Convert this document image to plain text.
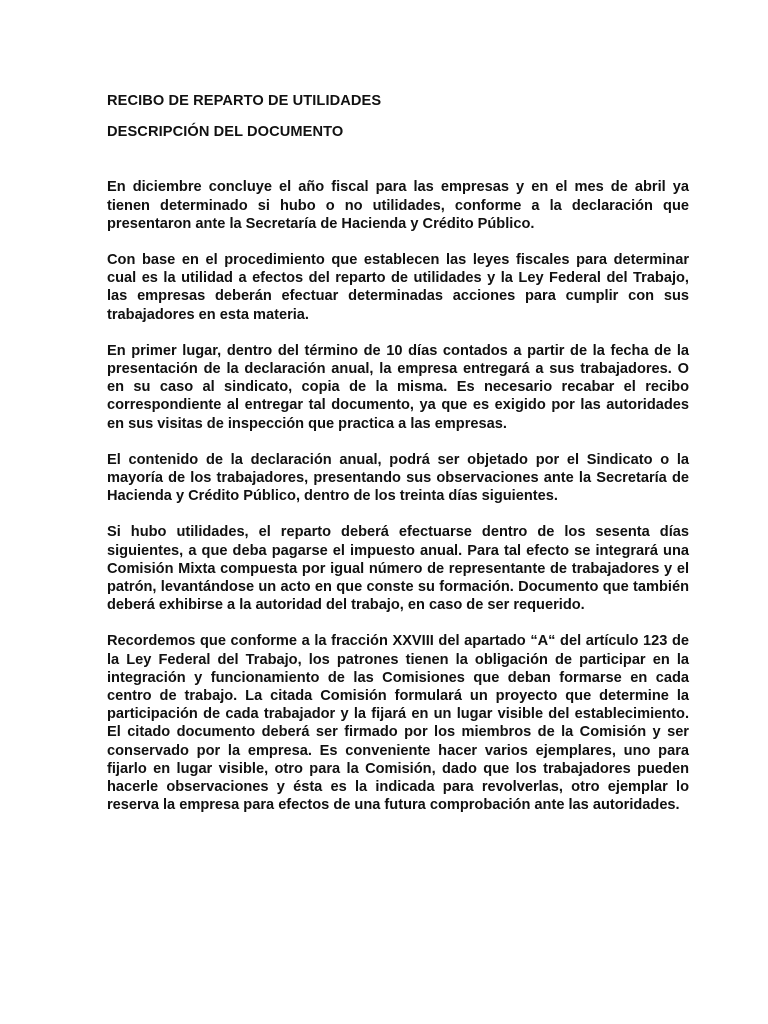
RECIBO DE REPARTO DE UTILIDADES
DESCRIPCIÓN DEL DOCUMENTO

En diciembre concluye el año fiscal para las empresas y en el mes de abril ya tienen determinado si hubo o no utilidades, conforme a la declaración que presentaron ante la Secretaría de Hacienda y Crédito Público.

Con base en el procedimiento que establecen las leyes fiscales para determinar cual es la utilidad a efectos del reparto de utilidades y la Ley Federal del Trabajo, las empresas deberán efectuar determinadas acciones para cumplir con sus trabajadores en esta materia.

En primer lugar, dentro del término de 10 días contados a partir de la fecha de la presentación de la declaración anual, la empresa entregará a sus trabajadores. O en su caso al sindicato, copia de la misma. Es necesario recabar el recibo correspondiente al entregar tal documento, ya que es exigido por las autoridades en sus visitas de inspección que practica a las empresas.

El contenido de la declaración anual, podrá ser objetado por el Sindicato o la mayoría de los trabajadores, presentando sus observaciones ante la Secretaría de Hacienda y Crédito Público, dentro de los treinta días siguientes.

Si hubo utilidades, el reparto deberá efectuarse dentro de los sesenta días siguientes, a que deba pagarse el impuesto anual. Para tal efecto se integrará una Comisión Mixta compuesta por igual número de representante de trabajadores y el patrón, levantándose un acto en que conste su formación. Documento que también deberá exhibirse a la autoridad del trabajo, en caso de ser requerido.

Recordemos que conforme a la fracción XXVIII del apartado “A“ del artículo 123 de la Ley Federal del Trabajo, los patrones tienen la obligación de participar en la integración y funcionamiento de las Comisiones que deban formarse en cada centro de trabajo. La citada Comisión formulará un proyecto que determine la participación de cada trabajador y la fijará en un lugar visible del establecimiento. El citado documento deberá ser firmado por los miembros de la Comisión y ser conservado por la empresa. Es conveniente hacer varios ejemplares, uno para fijarlo en lugar visible, otro para la Comisión, dado que los trabajadores pueden hacerle observaciones y ésta es la indicada para revolverlas, otro ejemplar lo reserva la empresa para efectos de una futura comprobación ante las autoridades.
